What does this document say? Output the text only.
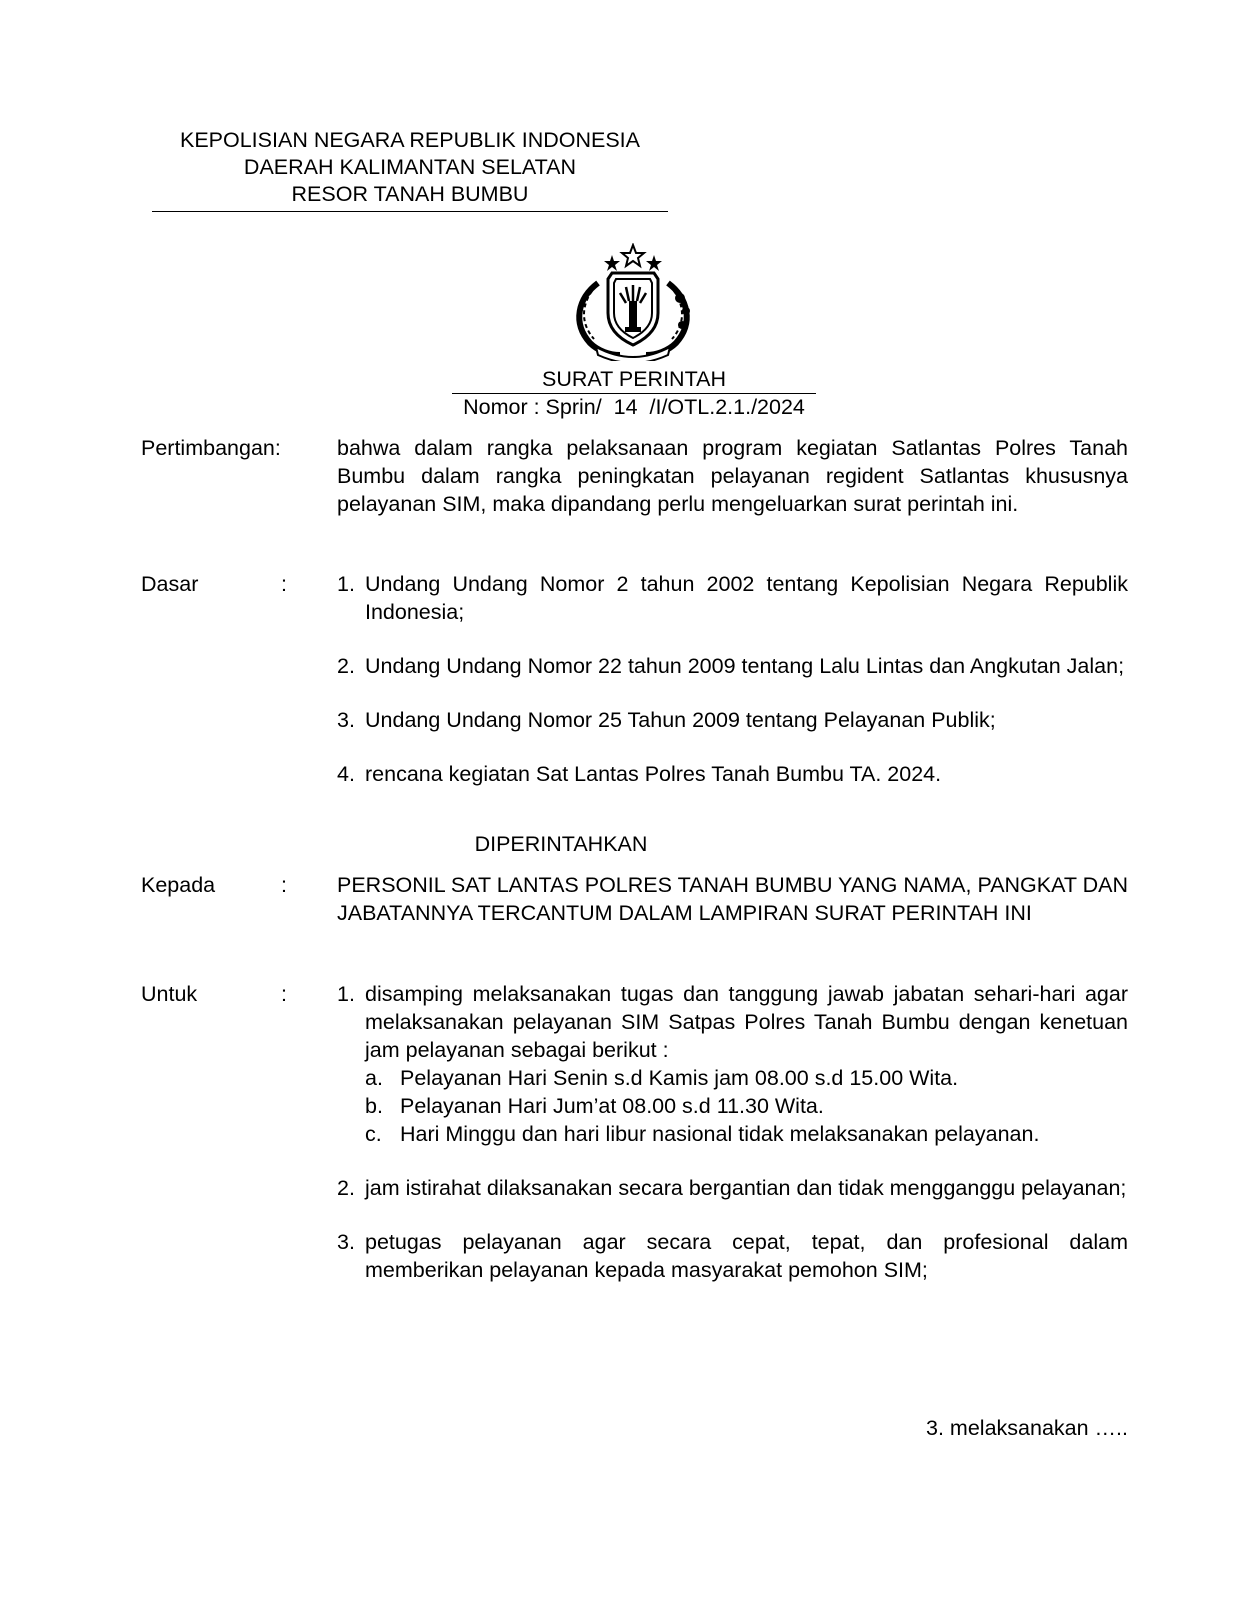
KEPOLISIAN NEGARA REPUBLIK INDONESIA
DAERAH KALIMANTAN SELATAN
RESOR TANAH BUMBU
SURAT PERINTAH
Nomor : Sprin/  14  /I/OTL.2.1./2024
Pertimbangan:	bahwa dalam rangka pelaksanaan program kegiatan Satlantas Polres Tanah Bumbu dalam rangka peningkatan pelayanan regident Satlantas khususnya pelayanan SIM, maka dipandang perlu mengeluarkan surat perintah ini.
Dasar	: 1. Undang Undang Nomor 2 tahun 2002 tentang Kepolisian Negara Republik Indonesia;
2. Undang Undang Nomor 22 tahun 2009 tentang Lalu Lintas dan Angkutan Jalan;
3. Undang Undang Nomor 25 Tahun 2009 tentang Pelayanan Publik;
4. rencana kegiatan Sat Lantas Polres Tanah Bumbu TA. 2024.
DIPERINTAHKAN
Kepada	: PERSONIL SAT LANTAS POLRES TANAH BUMBU YANG NAMA, PANGKAT DAN JABATANNYA TERCANTUM DALAM LAMPIRAN SURAT PERINTAH INI
Untuk	: 1. disamping melaksanakan tugas dan tanggung jawab jabatan sehari-hari agar melaksanakan pelayanan SIM Satpas Polres Tanah Bumbu dengan kenetuan jam pelayanan sebagai berikut :
a. Pelayanan Hari Senin s.d Kamis jam 08.00 s.d 15.00 Wita.
b. Pelayanan Hari Jum’at 08.00 s.d 11.30 Wita.
c. Hari Minggu dan hari libur nasional tidak melaksanakan pelayanan.
2. jam istirahat dilaksanakan secara bergantian dan tidak mengganggu pelayanan;
3. petugas pelayanan agar secara cepat, tepat, dan profesional dalam memberikan pelayanan kepada masyarakat pemohon SIM;
3. melaksanakan …..
